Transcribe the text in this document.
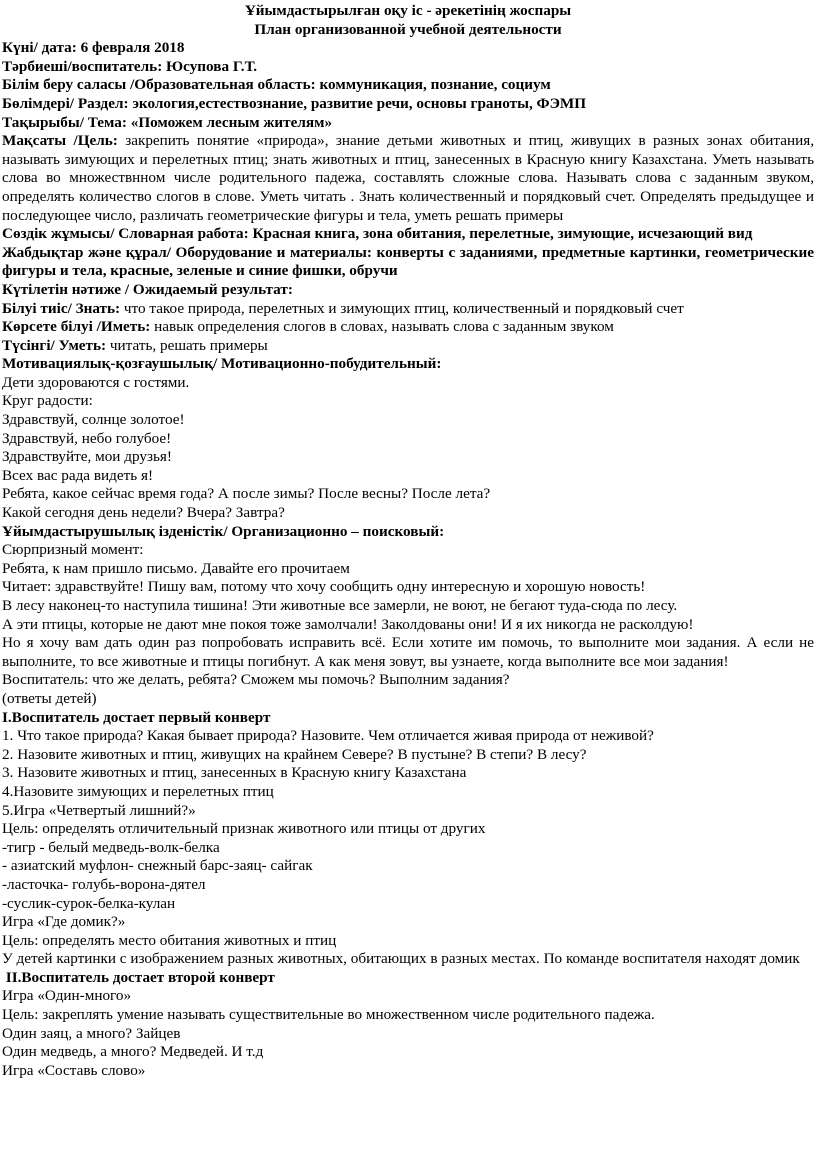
Ұйымдастырылған оқу іс - әрекетінің жоспары

План организованной учебной деятельности

Күні/ дата: 6 февраля 2018

Тәрбиеші/воспитатель: Юсупова Г.Т.

Білім беру саласы /Образовательная область: коммуникация, познание, социум

Бөлімдері/ Раздел: экология,естествознание, развитие речи, основы граноты, ФЭМП

Тақырыбы/ Тема: «Поможем лесным жителям»

Мақсаты /Цель: закрепить понятие «природа», знание детьми животных и птиц, живущих в разных зонах обитания, называть зимующих и перелетных птиц; знать животных и птиц, занесенных в Красную книгу Казахстана. Уметь называть слова во множествнном числе родительного падежа, составлять сложные слова. Называть слова с заданным звуком, определять количество слогов в слове. Уметь читать . Знать количественный и порядковый счет. Определять предыдущее и последующее число, различать геометрические фигуры и тела, уметь решать примеры

Сөздік жұмысы/ Словарная работа: Красная книга, зона обитания, перелетные, зимующие, исчезающий вид

Жабдықтар және құрал/ Оборудование и материалы: конверты с заданиями, предметные картинки, геометрические фигуры и тела, красные, зеленые и синие фишки, обручи

Күтілетін нәтиже / Ожидаемый результат:

Білуі тиіс/ Знать: что такое природа, перелетных и зимующих птиц, количественный и порядковый счет

Көрсете білуі /Иметь: навык определения слогов в словах, называть слова с заданным звуком

Түсінгі/ Уметь: читать, решать примеры

Мотивациялық-қозғаушылық/ Мотивационно-побудительный:

Дети здороваются с гостями.

Круг радости:

Здравствуй, солнце золотое!

Здравствуй, небо голубое!

Здравствуйте, мои друзья!

Всех вас рада видеть я!

Ребята, какое сейчас время года? А после зимы? После весны? После лета?

Какой сегодня день недели? Вчера? Завтра?

Ұйымдастырушылық ізденістік/ Организационно – поисковый:

Сюрпризный момент:

Ребята, к нам пришло письмо. Давайте его прочитаем

Читает: здравствуйте! Пишу вам, потому что хочу сообщить одну интересную и хорошую новость!

В лесу наконец-то наступила тишина! Эти животные все замерли, не воют, не бегают туда-сюда по лесу.

А эти птицы, которые не дают мне покоя тоже замолчали! Заколдованы они! И я их никогда не расколдую!

Но я хочу вам дать один раз попробовать исправить всё. Если хотите им помочь, то выполните мои задания. А если не выполните, то все животные и птицы погибнут. А как меня зовут, вы узнаете, когда выполните все мои задания!

Воспитатель: что же делать, ребята? Сможем мы помочь? Выполним задания?

(ответы детей)

I.Воспитатель достает первый конверт

1. Что такое природа? Какая бывает природа? Назовите. Чем отличается живая природа от неживой?

2. Назовите животных и птиц, живущих на крайнем Севере? В пустыне? В степи? В лесу?

3. Назовите животных и птиц, занесенных в Красную книгу Казахстана

4.Назовите зимующих и перелетных птиц

5.Игра «Четвертый лишний?»

Цель: определять отличительный признак животного или птицы от других

-тигр - белый медведь-волк-белка

- азиатский муфлон- снежный барс-заяц- сайгак

-ласточка- голубь-ворона-дятел

-суслик-сурок-белка-кулан

Игра «Где домик?»

Цель: определять место обитания животных и птиц

У детей картинки с изображением разных животных, обитающих в разных местах. По команде воспитателя находят домик

II.Воспитатель достает второй конверт

Игра «Один-много»

Цель: закреплять умение называть существительные во множественном числе родительного падежа.

Один заяц, а много? Зайцев

Один медведь, а много? Медведей. И т.д

Игра «Составь слово»
